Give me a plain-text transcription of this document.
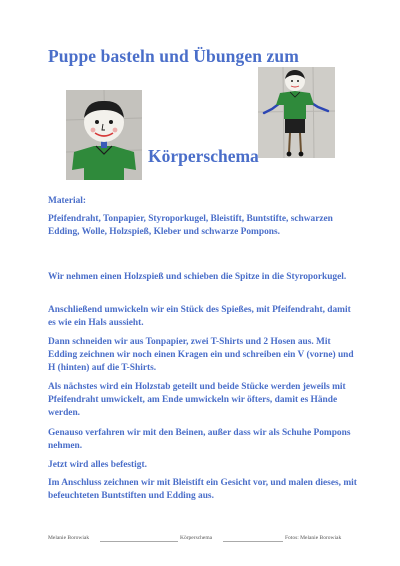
Puppe basteln und Übungen zum
Körperschema

Material:

Pfeifendraht, Tonpapier, Styroporkugel, Bleistift, Buntstifte, schwarzen Edding, Wolle, Holzspieß, Kleber und schwarze Pompons.

Wir nehmen einen Holzspieß und schieben die Spitze in die Styroporkugel.

Anschließend umwickeln wir ein Stück des Spießes, mit Pfeifendraht, damit es wie ein Hals aussieht.

Dann schneiden wir aus Tonpapier, zwei T-Shirts und 2 Hosen aus. Mit Edding zeichnen wir noch einen Kragen ein und schreiben ein V (vorne) und H (hinten) auf die T-Shirts.

Als nächstes wird ein Holzstab geteilt und beide Stücke werden jeweils mit Pfeifendraht umwickelt, am Ende umwickeln wir öfters, damit es Hände werden.

Genauso verfahren wir mit den Beinen, außer dass wir als Schuhe Pompons nehmen.

Jetzt wird alles befestigt.

Im Anschluss zeichnen wir mit Bleistift ein Gesicht vor, und malen dieses, mit befeuchteten Buntstiften und Edding aus.

Melanie Borowiak	Körperschema	Fotos: Melanie Borowiak
